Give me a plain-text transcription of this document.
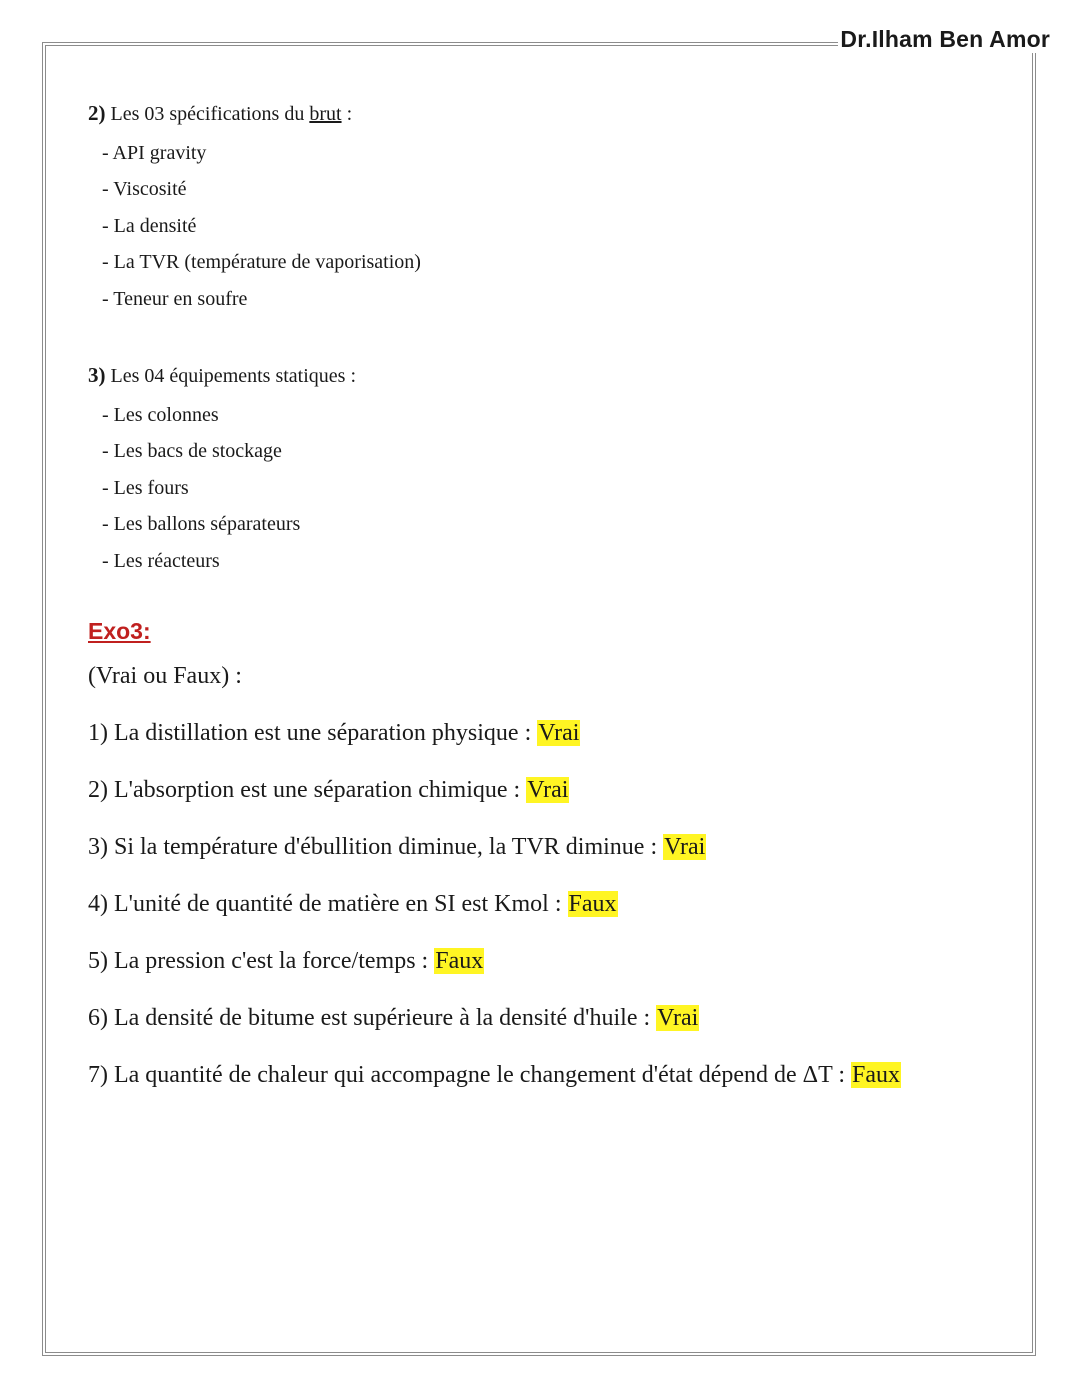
Dr.Ilham Ben Amor

2) Les 03 spécifications du brut :

- API gravity

- Viscosité

- La densité

- La TVR (température de vaporisation)

- Teneur en soufre

3) Les 04 équipements statiques :

- Les colonnes

- Les bacs de stockage

- Les fours

- Les ballons séparateurs

- Les réacteurs

Exo3:

(Vrai ou Faux) :

1) La distillation est une séparation physique : Vrai

2) L'absorption est une séparation chimique : Vrai

3) Si la température d'ébullition diminue, la TVR diminue : Vrai

4) L'unité de quantité de matière en SI est Kmol : Faux

5) La pression c'est la force/temps : Faux

6) La densité de bitume est supérieure à la densité d'huile : Vrai

7) La quantité de chaleur qui accompagne le changement d'état dépend de ΔT : Faux
